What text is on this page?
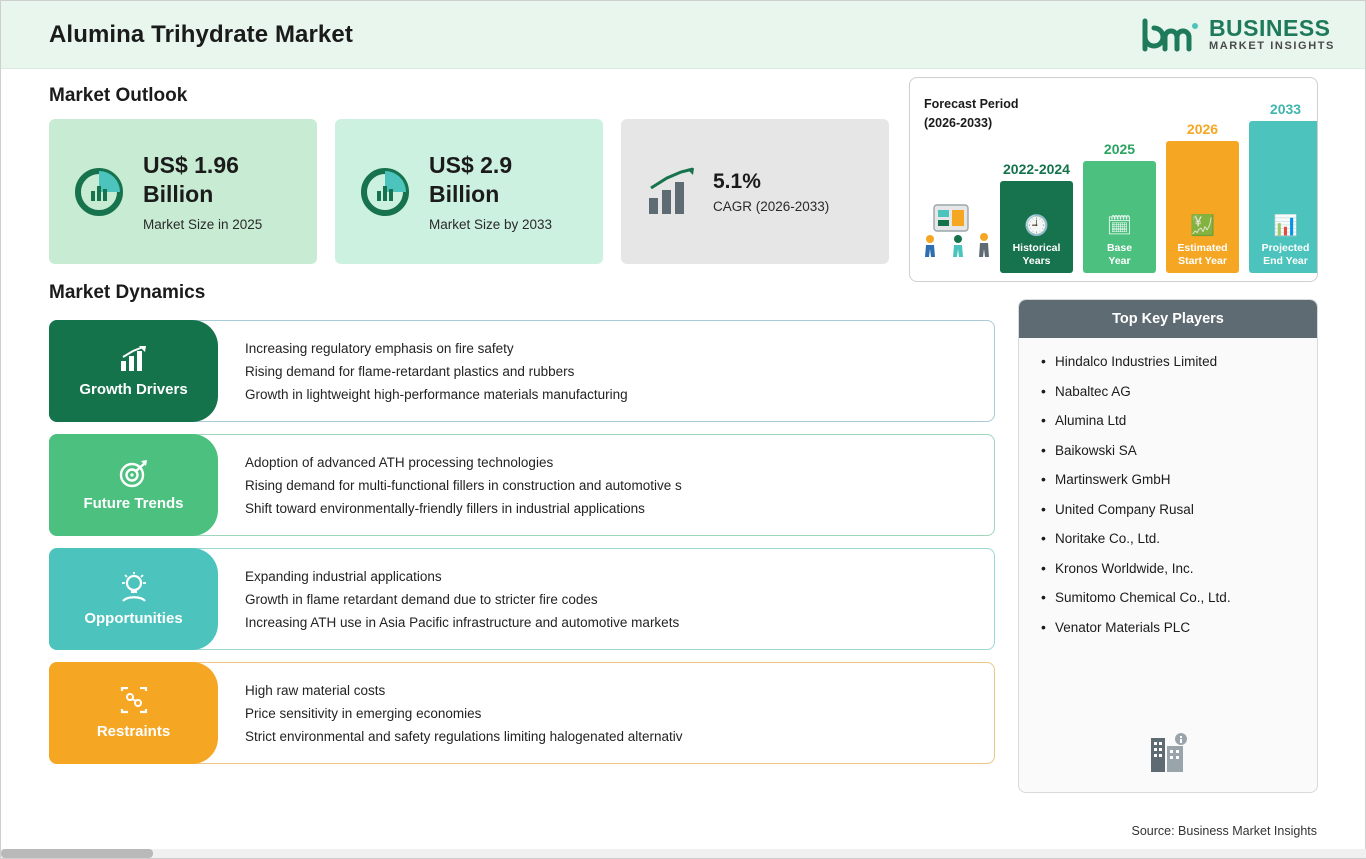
Alumina Trihydrate Market	BUSINESS
MARKET INSIGHTS
Market Outlook
US$ 1.96
Billion
Market Size in 2025
US$ 2.9
Billion
Market Size by 2033
5.1%
CAGR (2026-2033)
Market Dynamics
Growth Drivers
Increasing regulatory emphasis on fire safety
Rising demand for flame-retardant plastics and rubbers
Growth in lightweight high-performance materials manufacturing
Future Trends
Adoption of advanced ATH processing technologies
Rising demand for multi-functional fillers in construction and automotive s
Shift toward environmentally-friendly fillers in industrial applications
Opportunities
Expanding industrial applications
Growth in flame retardant demand due to stricter fire codes
Increasing ATH use in Asia Pacific infrastructure and automotive markets
Restraints
High raw material costs
Price sensitivity in emerging economies
Strict environmental and safety regulations limiting halogenated alternativ
Forecast Period
(2026-2033)
2022-2024
🕘
Historical
Years
2025
🗓
Base
Year
2026
💹
Estimated
Start Year
2033
📊
Projected
End Year
Top Key Players
• Hindalco Industries Limited
• Nabaltec AG
• Alumina Ltd
• Baikowski SA
• Martinswerk GmbH
• United Company Rusal
• Noritake Co., Ltd.
• Kronos Worldwide, Inc.
• Sumitomo Chemical Co., Ltd.
• Venator Materials PLC
Source: Business Market Insights
